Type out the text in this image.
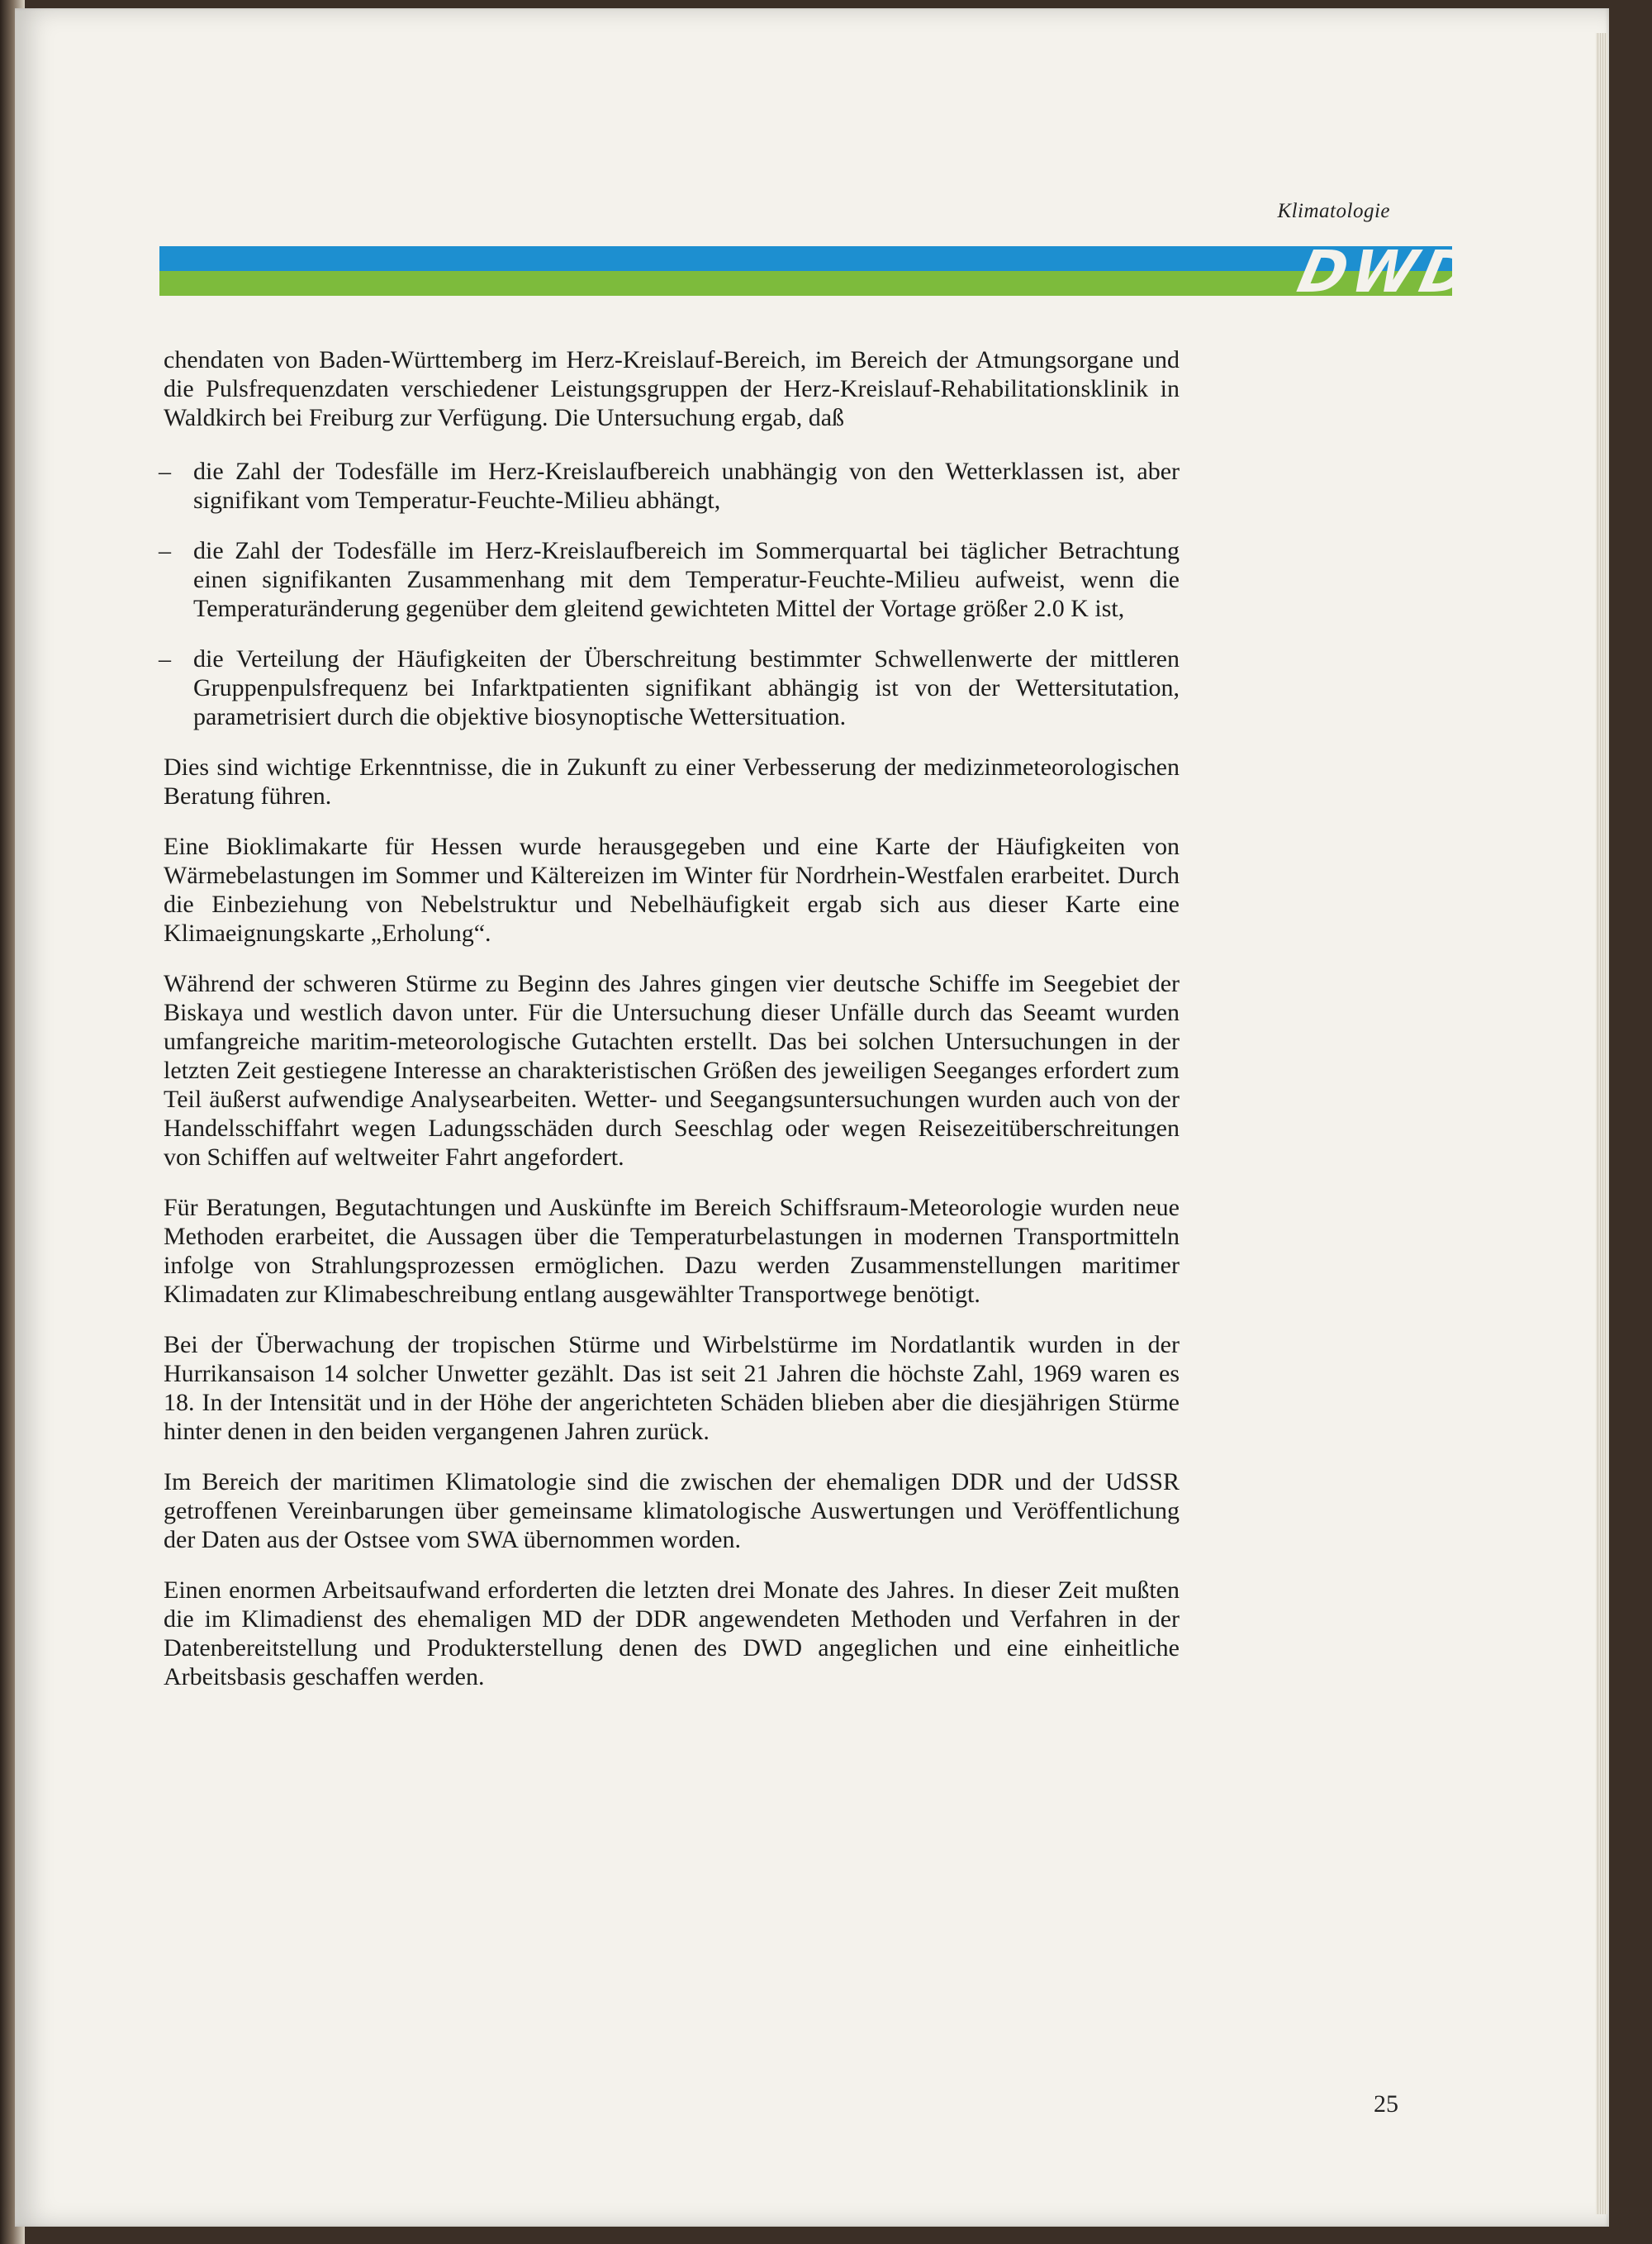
Klimatologie
DWD

chendaten von Baden-Württemberg im Herz-Kreislauf-Bereich, im Bereich der Atmungsorgane und die Pulsfrequenzdaten verschiedener Leistungsgruppen der Herz-Kreislauf-Rehabilitationsklinik in Waldkirch bei Freiburg zur Verfügung. Die Untersuchung ergab, daß

– die Zahl der Todesfälle im Herz-Kreislaufbereich unabhängig von den Wetterklassen ist, aber signifikant vom Temperatur-Feuchte-Milieu abhängt,
– die Zahl der Todesfälle im Herz-Kreislaufbereich im Sommerquartal bei täglicher Betrachtung einen signifikanten Zusammenhang mit dem Temperatur-Feuchte-Milieu aufweist, wenn die Temperaturänderung gegenüber dem gleitend gewichteten Mittel der Vortage größer 2.0 K ist,
– die Verteilung der Häufigkeiten der Überschreitung bestimmter Schwellenwerte der mittleren Gruppenpulsfrequenz bei Infarktpatienten signifikant abhängig ist von der Wettersitutation, parametrisiert durch die objektive biosynoptische Wettersituation.

Dies sind wichtige Erkenntnisse, die in Zukunft zu einer Verbesserung der medizinmeteorologischen Beratung führen.

Eine Bioklimakarte für Hessen wurde herausgegeben und eine Karte der Häufigkeiten von Wärmebelastungen im Sommer und Kältereizen im Winter für Nordrhein-Westfalen erarbeitet. Durch die Einbeziehung von Nebelstruktur und Nebelhäufigkeit ergab sich aus dieser Karte eine Klimaeignungskarte „Erholung“.

Während der schweren Stürme zu Beginn des Jahres gingen vier deutsche Schiffe im Seegebiet der Biskaya und westlich davon unter. Für die Untersuchung dieser Unfälle durch das Seeamt wurden umfangreiche maritim-meteorologische Gutachten erstellt. Das bei solchen Untersuchungen in der letzten Zeit gestiegene Interesse an charakteristischen Größen des jeweiligen Seeganges erfordert zum Teil äußerst aufwendige Analysearbeiten. Wetter- und Seegangsuntersuchungen wurden auch von der Handelsschiffahrt wegen Ladungsschäden durch Seeschlag oder wegen Reisezeitüberschreitungen von Schiffen auf weltweiter Fahrt angefordert.

Für Beratungen, Begutachtungen und Auskünfte im Bereich Schiffsraum-Meteorologie wurden neue Methoden erarbeitet, die Aussagen über die Temperaturbelastungen in modernen Transportmitteln infolge von Strahlungsprozessen ermöglichen. Dazu werden Zusammenstellungen maritimer Klimadaten zur Klimabeschreibung entlang ausgewählter Transportwege benötigt.

Bei der Überwachung der tropischen Stürme und Wirbelstürme im Nordatlantik wurden in der Hurrikansaison 14 solcher Unwetter gezählt. Das ist seit 21 Jahren die höchste Zahl, 1969 waren es 18. In der Intensität und in der Höhe der angerichteten Schäden blieben aber die diesjährigen Stürme hinter denen in den beiden vergangenen Jahren zurück.

Im Bereich der maritimen Klimatologie sind die zwischen der ehemaligen DDR und der UdSSR getroffenen Vereinbarungen über gemeinsame klimatologische Auswertungen und Veröffentlichung der Daten aus der Ostsee vom SWA übernommen worden.

Einen enormen Arbeitsaufwand erforderten die letzten drei Monate des Jahres. In dieser Zeit mußten die im Klimadienst des ehemaligen MD der DDR angewendeten Methoden und Verfahren in der Datenbereitstellung und Produkterstellung denen des DWD angeglichen und eine einheitliche Arbeitsbasis geschaffen werden.

25
